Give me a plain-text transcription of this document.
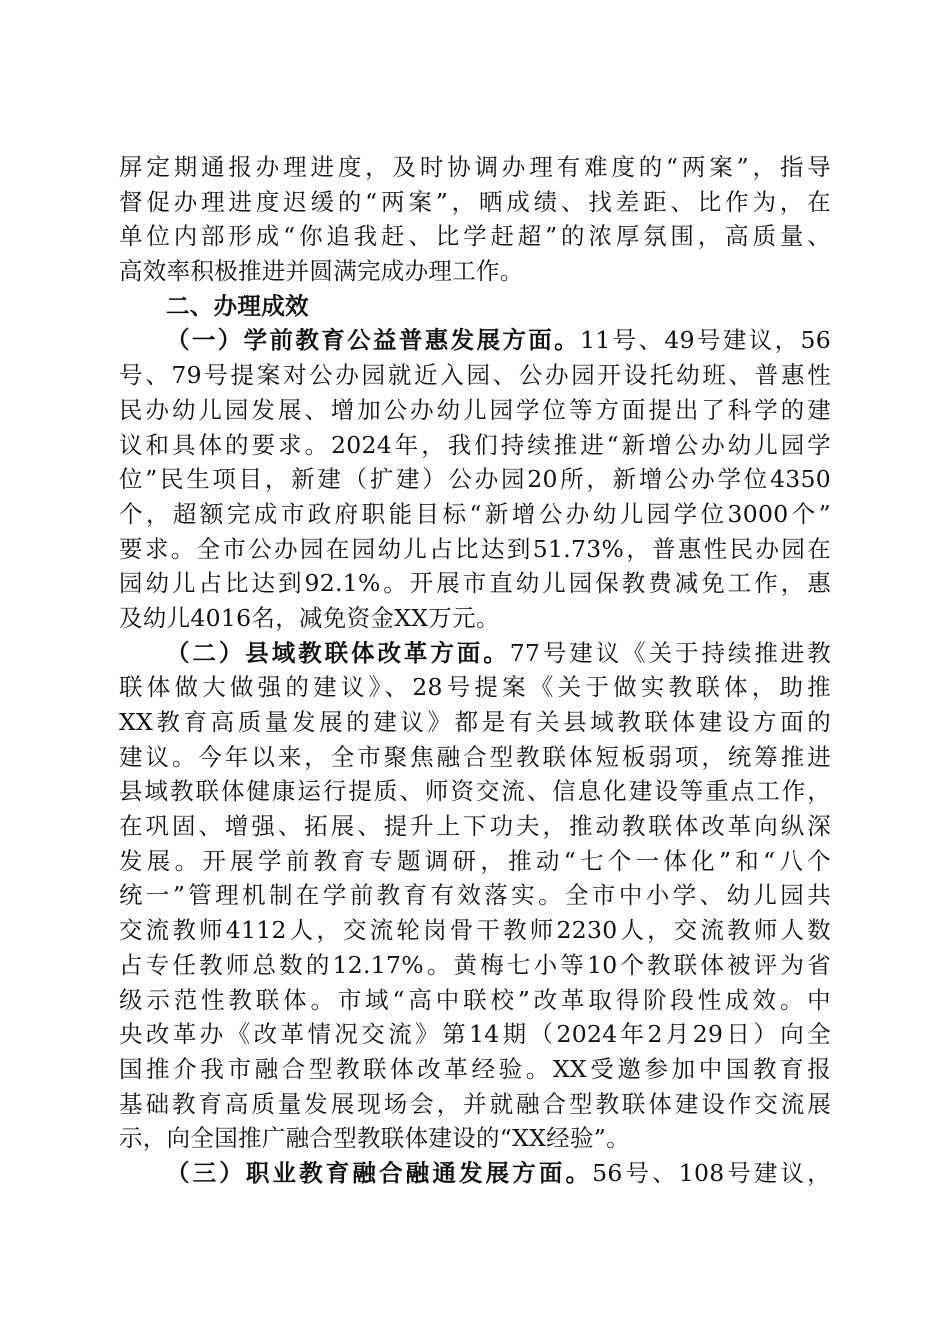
屏定期通报办理进度，及时协调办理有难度的“两案”，指导
督促办理进度迟缓的“两案”，晒成绩、找差距、比作为，在
单位内部形成“你追我赶、比学赶超”的浓厚氛围，高质量、
高效率积极推进并圆满完成办理工作。
二、办理成效
（一）学前教育公益普惠发展方面。11号、49号建议，56
号、79号提案对公办园就近入园、公办园开设托幼班、普惠性
民办幼儿园发展、增加公办幼儿园学位等方面提出了科学的建
议和具体的要求。2024年，我们持续推进“新增公办幼儿园学
位”民生项目，新建（扩建）公办园20所，新增公办学位4350
个，超额完成市政府职能目标“新增公办幼儿园学位3000个”
要求。全市公办园在园幼儿占比达到51.73%，普惠性民办园在
园幼儿占比达到92.1%。开展市直幼儿园保教费减免工作，惠
及幼儿4016名，减免资金XX万元。
（二）县域教联体改革方面。77号建议《关于持续推进教
联体做大做强的建议》、28号提案《关于做实教联体，助推
XX教育高质量发展的建议》都是有关县域教联体建设方面的
建议。今年以来，全市聚焦融合型教联体短板弱项，统筹推进
县域教联体健康运行提质、师资交流、信息化建设等重点工作，
在巩固、增强、拓展、提升上下功夫，推动教联体改革向纵深
发展。开展学前教育专题调研，推动“七个一体化”和“八个
统一”管理机制在学前教育有效落实。全市中小学、幼儿园共
交流教师4112人，交流轮岗骨干教师2230人，交流教师人数
占专任教师总数的12.17%。黄梅七小等10个教联体被评为省
级示范性教联体。市域“高中联校”改革取得阶段性成效。中
央改革办《改革情况交流》第14期（2024年2月29日）向全
国推介我市融合型教联体改革经验。XX受邀参加中国教育报
基础教育高质量发展现场会，并就融合型教联体建设作交流展
示，向全国推广融合型教联体建设的“XX经验”。
（三）职业教育融合融通发展方面。56号、108号建议，
